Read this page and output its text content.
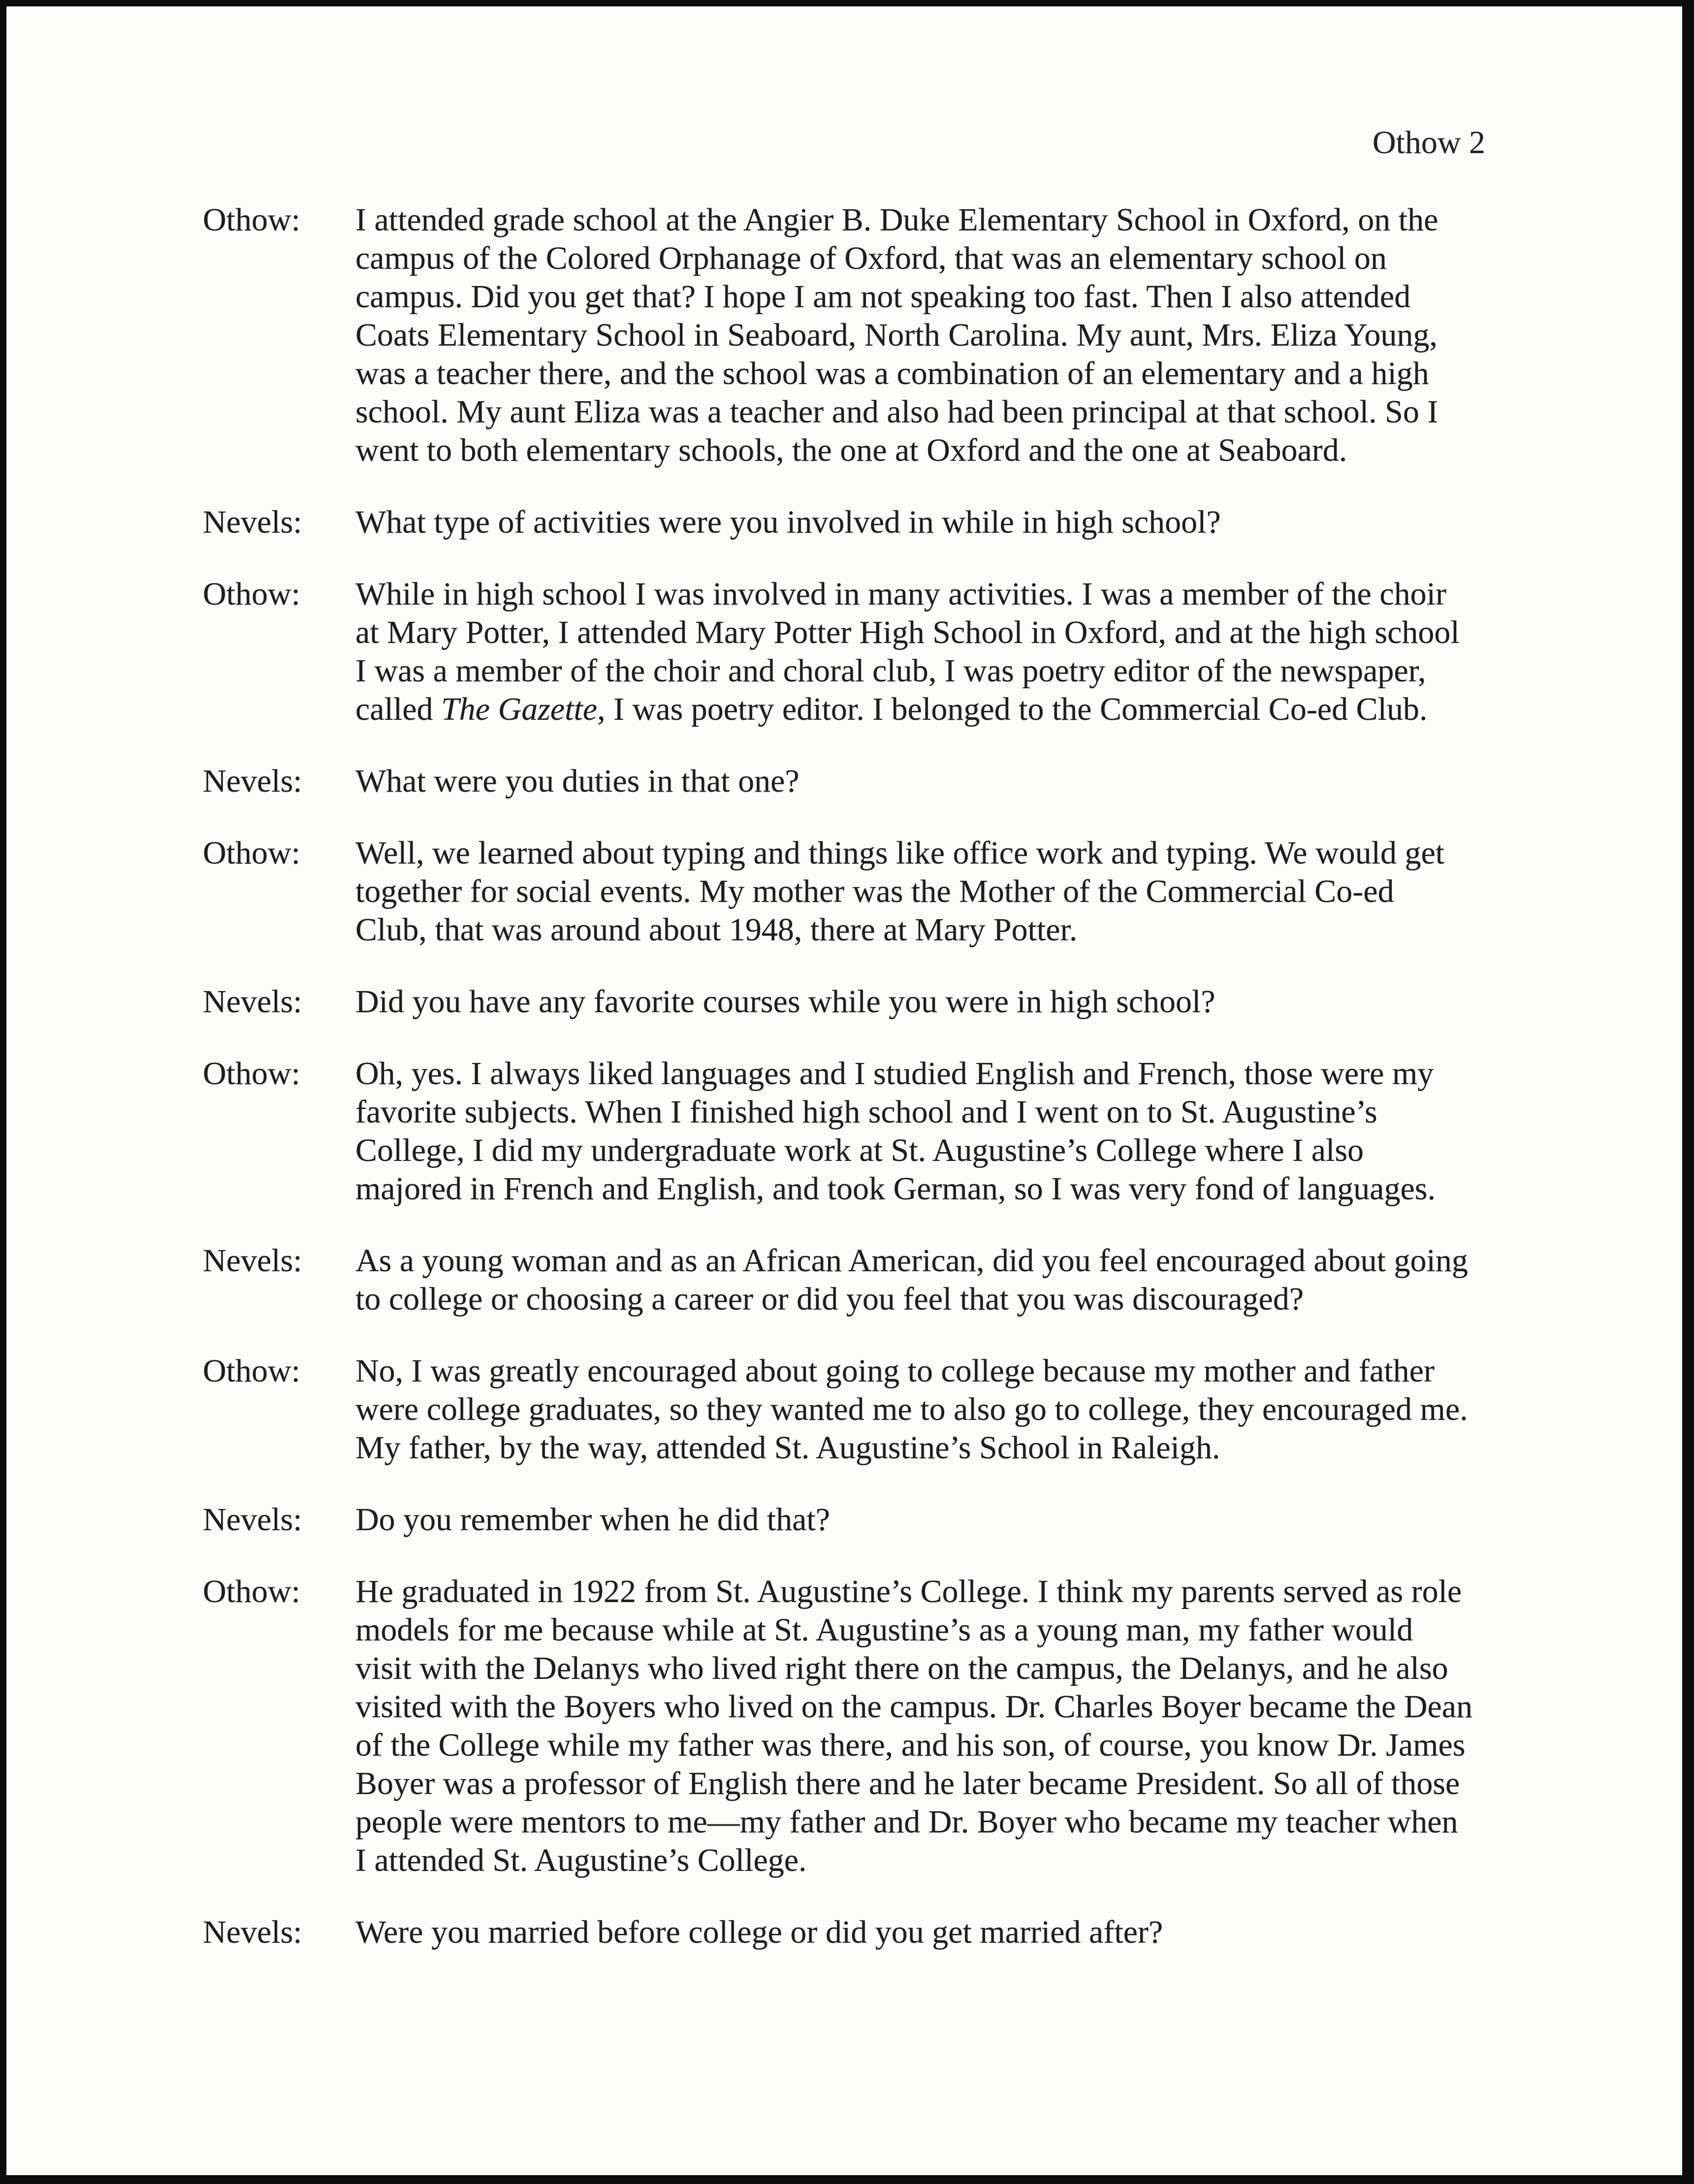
Othow 2
Othow:	I attended grade school at the Angier B. Duke Elementary School in Oxford, on the campus of the Colored Orphanage of Oxford, that was an elementary school on campus. Did you get that? I hope I am not speaking too fast. Then I also attended Coats Elementary School in Seaboard, North Carolina. My aunt, Mrs. Eliza Young, was a teacher there, and the school was a combination of an elementary and a high school. My aunt Eliza was a teacher and also had been principal at that school. So I went to both elementary schools, the one at Oxford and the one at Seaboard.
Nevels:	What type of activities were you involved in while in high school?
Othow:	While in high school I was involved in many activities. I was a member of the choir at Mary Potter, I attended Mary Potter High School in Oxford, and at the high school I was a member of the choir and choral club, I was poetry editor of the newspaper, called The Gazette, I was poetry editor. I belonged to the Commercial Co-ed Club.
Nevels:	What were you duties in that one?
Othow:	Well, we learned about typing and things like office work and typing. We would get together for social events. My mother was the Mother of the Commercial Co-ed Club, that was around about 1948, there at Mary Potter.
Nevels:	Did you have any favorite courses while you were in high school?
Othow:	Oh, yes. I always liked languages and I studied English and French, those were my favorite subjects. When I finished high school and I went on to St. Augustine’s College, I did my undergraduate work at St. Augustine’s College where I also majored in French and English, and took German, so I was very fond of languages.
Nevels:	As a young woman and as an African American, did you feel encouraged about going to college or choosing a career or did you feel that you was discouraged?
Othow:	No, I was greatly encouraged about going to college because my mother and father were college graduates, so they wanted me to also go to college, they encouraged me. My father, by the way, attended St. Augustine’s School in Raleigh.
Nevels:	Do you remember when he did that?
Othow:	He graduated in 1922 from St. Augustine’s College. I think my parents served as role models for me because while at St. Augustine’s as a young man, my father would visit with the Delanys who lived right there on the campus, the Delanys, and he also visited with the Boyers who lived on the campus. Dr. Charles Boyer became the Dean of the College while my father was there, and his son, of course, you know Dr. James Boyer was a professor of English there and he later became President. So all of those people were mentors to me—my father and Dr. Boyer who became my teacher when I attended St. Augustine’s College.
Nevels:	Were you married before college or did you get married after?
